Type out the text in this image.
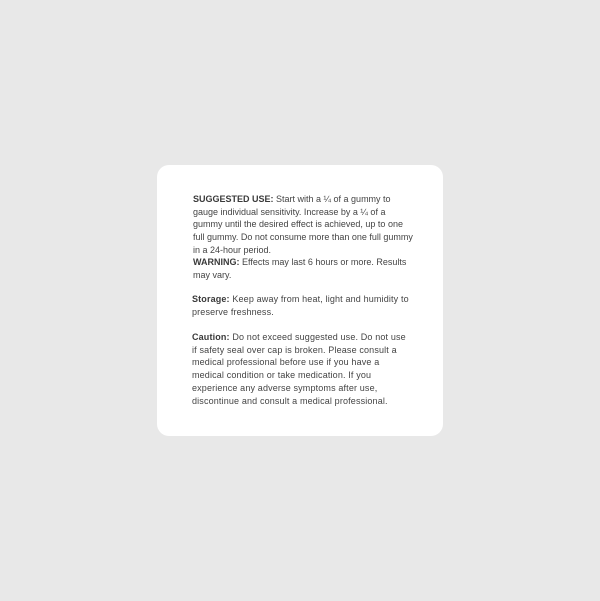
SUGGESTED USE: Start with a ¼ of a gummy to gauge individual sensitivity. Increase by a ¼ of a gummy until the desired effect is achieved, up to one full gummy. Do not consume more than one full gummy in a 24-hour period.

WARNING: Effects may last 6 hours or more. Results may vary.

Storage: Keep away from heat, light and humidity to preserve freshness.

Caution: Do not exceed suggested use. Do not use if safety seal over cap is broken. Please consult a medical professional before use if you have a medical condition or take medication. If you experience any adverse symptoms after use, discontinue and consult a medical professional.
